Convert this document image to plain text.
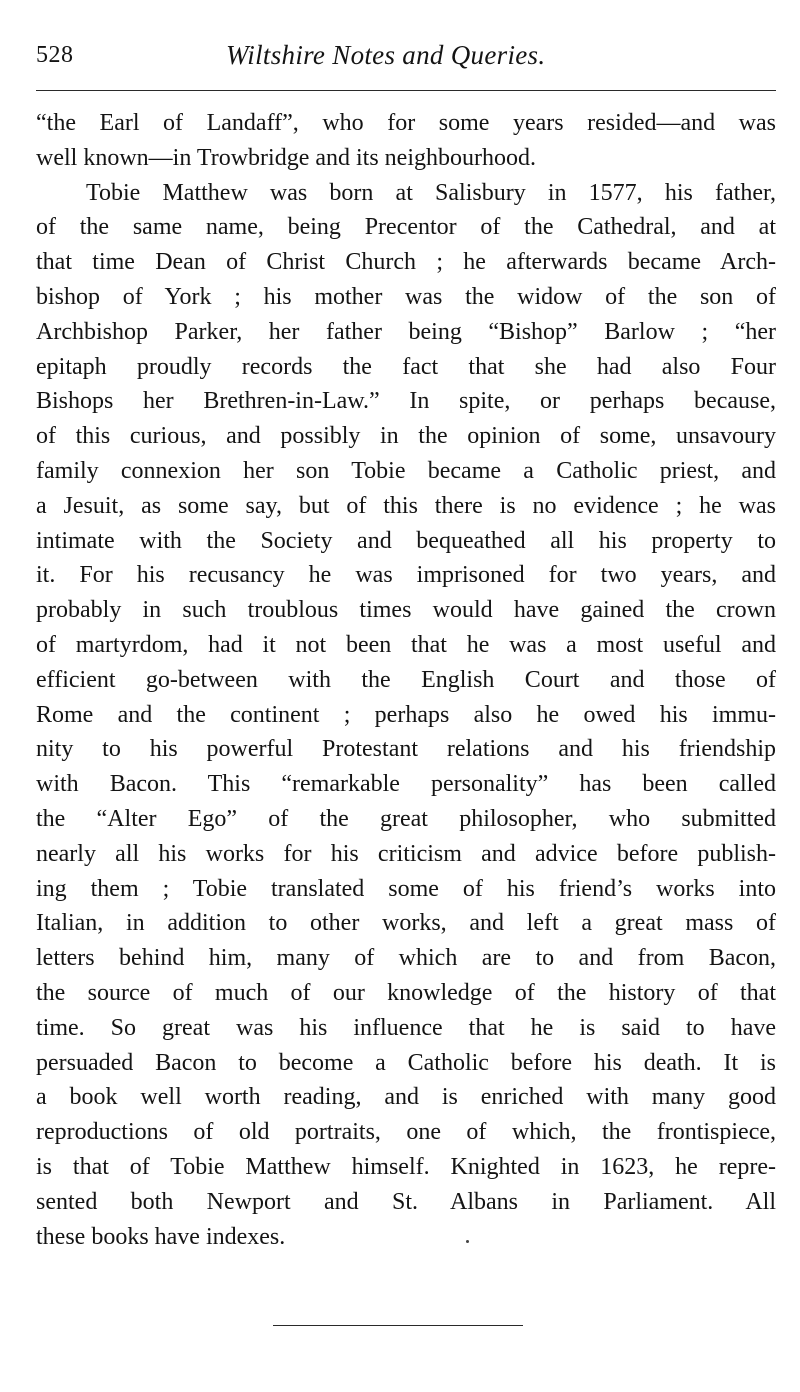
528	Wiltshire Notes and Queries.
“the Earl of Landaff”, who for some years resided—and was
well known—in Trowbridge and its neighbourhood.
Tobie Matthew was born at Salisbury in 1577, his father,
of the same name, being Precentor of the Cathedral, and at
that time Dean of Christ Church ; he afterwards became Arch-
bishop of York ; his mother was the widow of the son of
Archbishop Parker, her father being “Bishop” Barlow ; “her
epitaph proudly records the fact that she had also Four
Bishops her Brethren-in-Law.” In spite, or perhaps because,
of this curious, and possibly in the opinion of some, unsavoury
family connexion her son Tobie became a Catholic priest, and
a Jesuit, as some say, but of this there is no evidence ; he was
intimate with the Society and bequeathed all his property to
it. For his recusancy he was imprisoned for two years, and
probably in such troublous times would have gained the crown
of martyrdom, had it not been that he was a most useful and
efficient go-between with the English Court and those of
Rome and the continent ; perhaps also he owed his immu-
nity to his powerful Protestant relations and his friendship
with Bacon. This “remarkable personality” has been called
the “Alter Ego” of the great philosopher, who submitted
nearly all his works for his criticism and advice before publish-
ing them ; Tobie translated some of his friend’s works into
Italian, in addition to other works, and left a great mass of
letters behind him, many of which are to and from Bacon,
the source of much of our knowledge of the history of that
time. So great was his influence that he is said to have
persuaded Bacon to become a Catholic before his death. It is
a book well worth reading, and is enriched with many good
reproductions of old portraits, one of which, the frontispiece,
is that of Tobie Matthew himself. Knighted in 1623, he repre-
sented both Newport and St. Albans in Parliament. All
these books have indexes.
